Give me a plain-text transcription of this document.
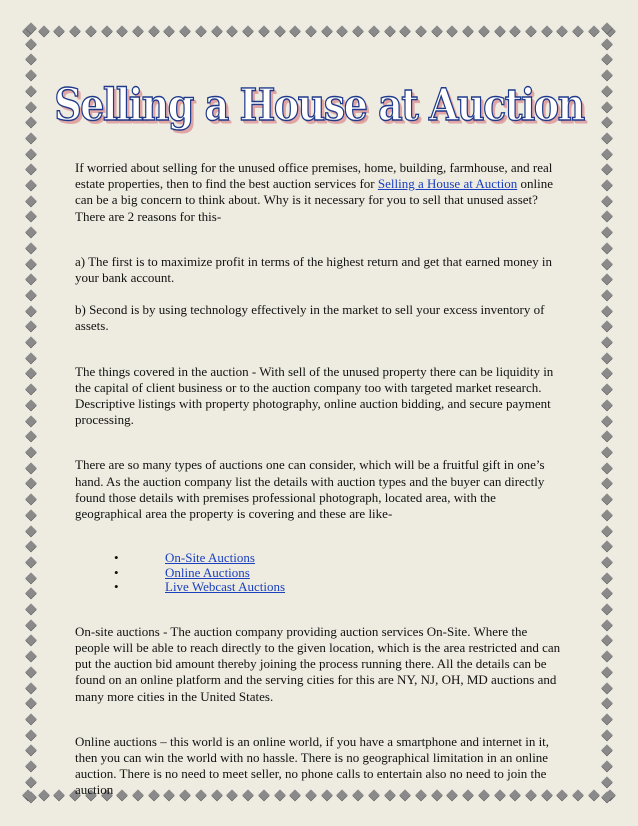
Selling a House at Auction

If worried about selling for the unused office premises, home, building, farmhouse, and real estate properties, then to find the best auction services for Selling a House at Auction online can be a big concern to think about. Why is it necessary for you to sell that unused asset? There are 2 reasons for this-

a) The first is to maximize profit in terms of the highest return and get that earned money in your bank account.

b) Second is by using technology effectively in the market to sell your excess inventory of assets.

The things covered in the auction - With sell of the unused property there can be liquidity in the capital of client business or to the auction company too with targeted market research. Descriptive listings with property photography, online auction bidding, and secure payment processing.

There are so many types of auctions one can consider, which will be a fruitful gift in one’s hand. As the auction company list the details with auction types and the buyer can directly found those details with premises professional photograph, located area, with the geographical area the property is covering and these are like-

•	On-Site Auctions
•	Online Auctions
•	Live Webcast Auctions

On-site auctions - The auction company providing auction services On-Site. Where the people will be able to reach directly to the given location, which is the area restricted and can put the auction bid amount thereby joining the process running there. All the details can be found on an online platform and the serving cities for this are NY, NJ, OH, MD auctions and many more cities in the United States.

Online auctions – this world is an online world, if you have a smartphone and internet in it, then you can win the world with no hassle. There is no geographical limitation in an online auction. There is no need to meet seller, no phone calls to entertain also no need to join the auction
